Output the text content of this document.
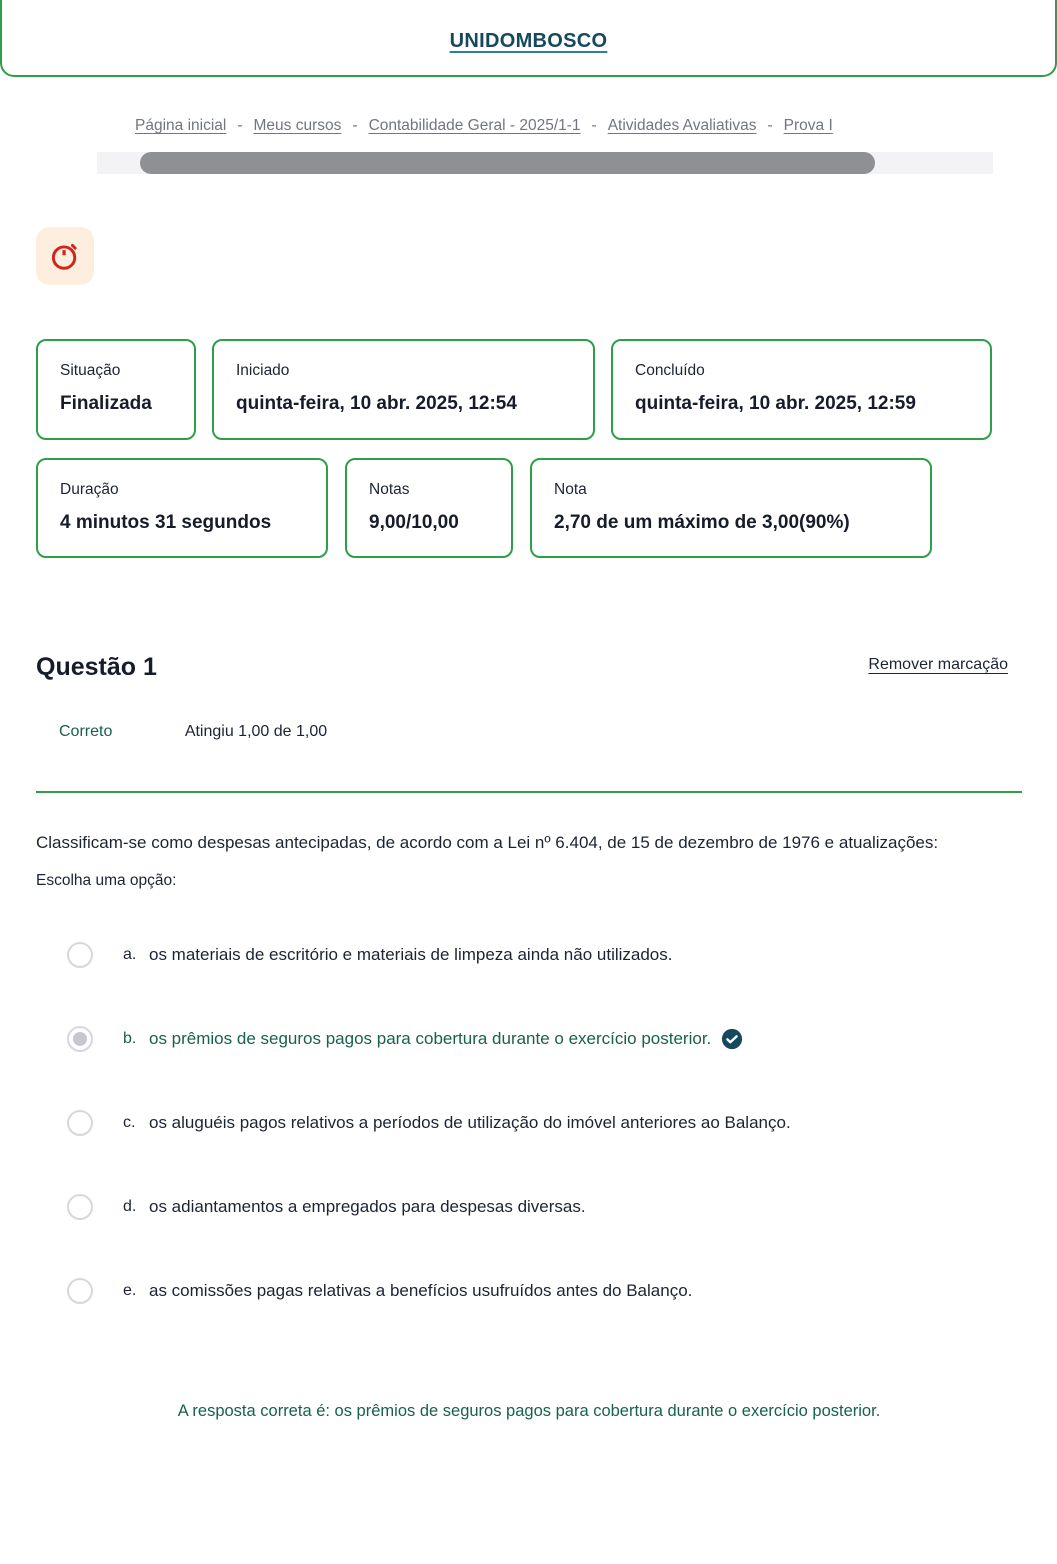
UNIDOMBOSCO
Página inicial - Meus cursos - Contabilidade Geral - 2025/1-1 - Atividades Avaliativas - Prova I
Situação
Finalizada
Iniciado
quinta-feira, 10 abr. 2025, 12:54
Concluído
quinta-feira, 10 abr. 2025, 12:59
Duração
4 minutos 31 segundos
Notas
9,00/10,00
Nota
2,70 de um máximo de 3,00(90%)
Questão 1	Remover marcação
Correto	Atingiu 1,00 de 1,00

Classificam-se como despesas antecipadas, de acordo com a Lei nº 6.404, de 15 de dezembro de 1976 e atualizações:

Escolha uma opção:

a. os materiais de escritório e materiais de limpeza ainda não utilizados.
b. os prêmios de seguros pagos para cobertura durante o exercício posterior.
c. os aluguéis pagos relativos a períodos de utilização do imóvel anteriores ao Balanço.
d. os adiantamentos a empregados para despesas diversas.
e. as comissões pagas relativas a benefícios usufruídos antes do Balanço.

A resposta correta é: os prêmios de seguros pagos para cobertura durante o exercício posterior.
